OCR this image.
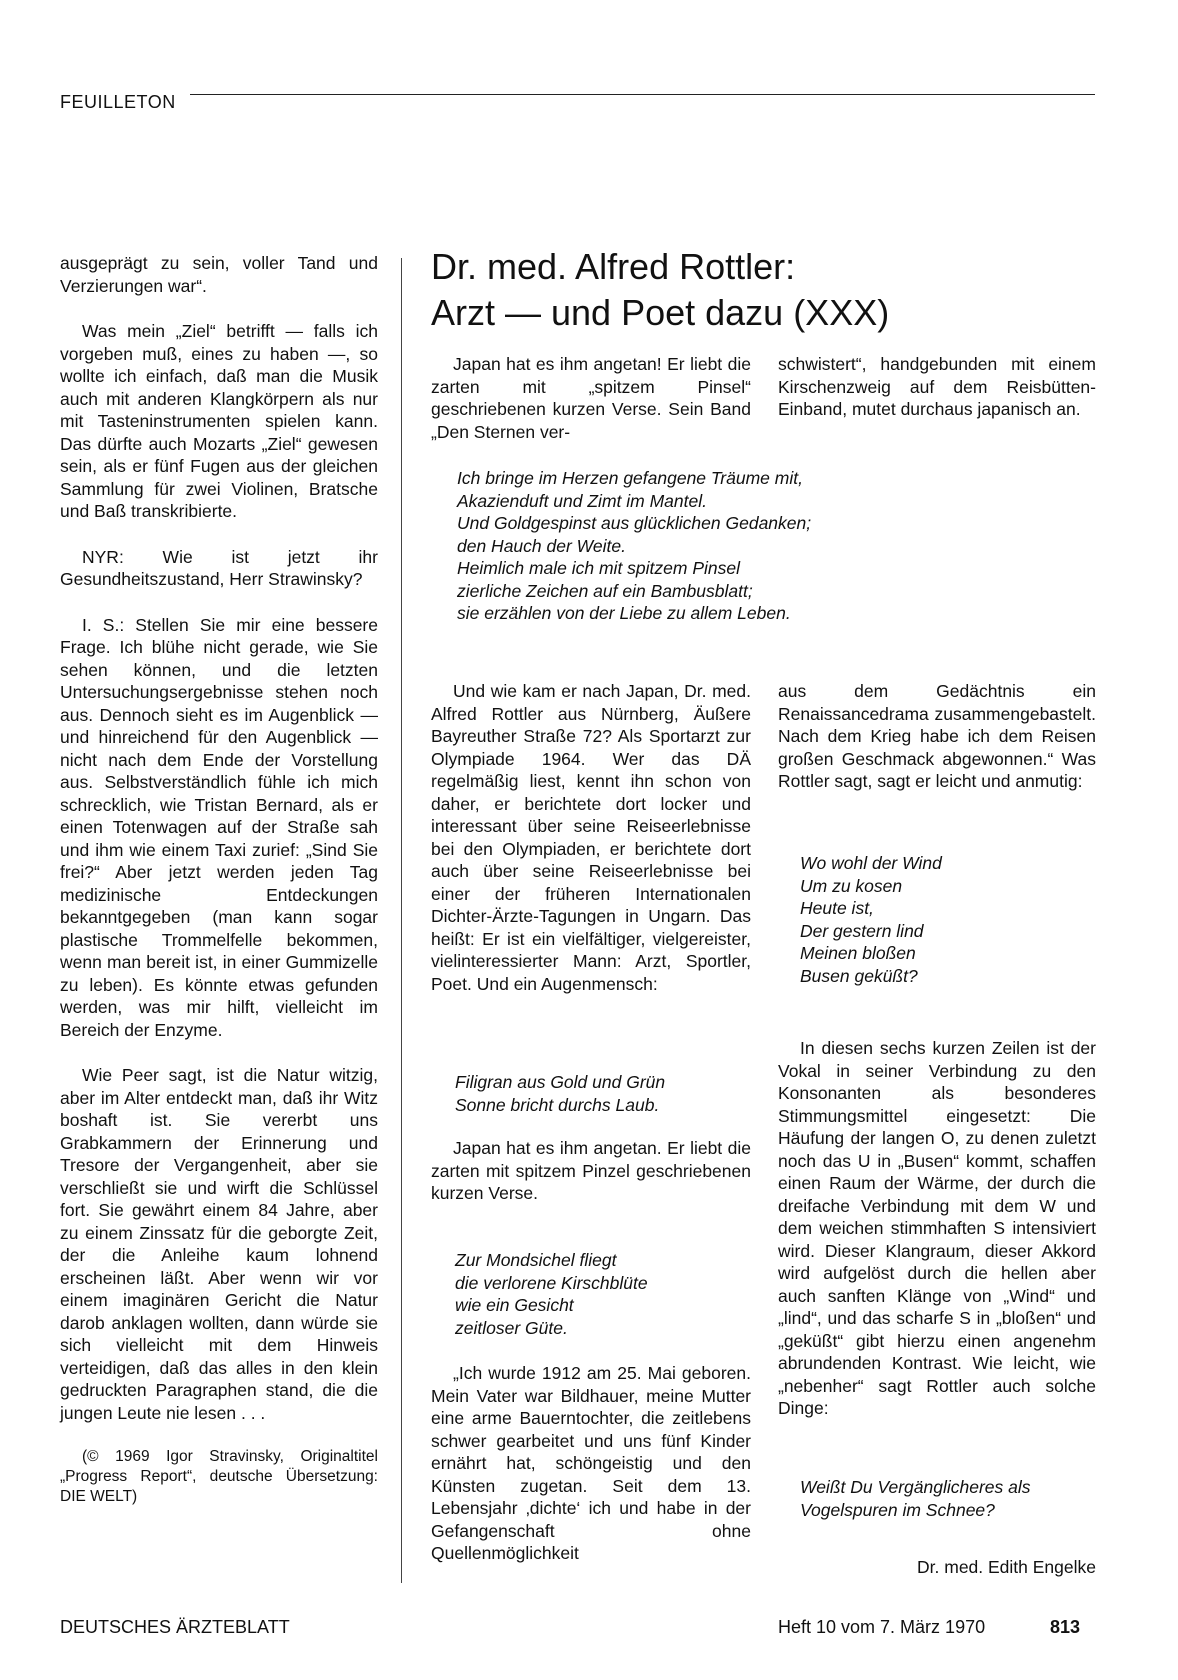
FEUILLETON

ausgeprägt zu sein, voller Tand und Verzierungen war“.

Was mein „Ziel“ betrifft — falls ich vorgeben muß, eines zu haben —, so wollte ich einfach, daß man die Musik auch mit anderen Klangkörpern als nur mit Tasteninstrumenten spielen kann. Das dürfte auch Mozarts „Ziel“ gewesen sein, als er fünf Fugen aus der gleichen Sammlung für zwei Violinen, Bratsche und Baß transkribierte.

NYR: Wie ist jetzt ihr Gesundheitszustand, Herr Strawinsky?

I. S.: Stellen Sie mir eine bessere Frage. Ich blühe nicht gerade, wie Sie sehen können, und die letzten Untersuchungsergebnisse stehen noch aus. Dennoch sieht es im Augenblick — und hinreichend für den Augenblick — nicht nach dem Ende der Vorstellung aus. Selbstverständlich fühle ich mich schrecklich, wie Tristan Bernard, als er einen Totenwagen auf der Straße sah und ihm wie einem Taxi zurief: „Sind Sie frei?“ Aber jetzt werden jeden Tag medizinische Entdeckungen bekanntgegeben (man kann sogar plastische Trommelfelle bekommen, wenn man bereit ist, in einer Gummizelle zu leben). Es könnte etwas gefunden werden, was mir hilft, vielleicht im Bereich der Enzyme.

Wie Peer sagt, ist die Natur witzig, aber im Alter entdeckt man, daß ihr Witz boshaft ist. Sie vererbt uns Grabkammern der Erinnerung und Tresore der Vergangenheit, aber sie verschließt sie und wirft die Schlüssel fort. Sie gewährt einem 84 Jahre, aber zu einem Zinssatz für die geborgte Zeit, der die Anleihe kaum lohnend erscheinen läßt. Aber wenn wir vor einem imaginären Gericht die Natur darob anklagen wollten, dann würde sie sich vielleicht mit dem Hinweis verteidigen, daß das alles in den klein gedruckten Paragraphen stand, die die jungen Leute nie lesen . . .

(© 1969 Igor Stravinsky, Originaltitel „Progress Report“, deutsche Übersetzung: DIE WELT)

Dr. med. Alfred Rottler:
Arzt — und Poet dazu (XXX)

Japan hat es ihm angetan! Er liebt die zarten mit „spitzem Pinsel“ geschriebenen kurzen Verse. Sein Band „Den Sternen ver-

schwistert“, handgebunden mit einem Kirschenzweig auf dem Reisbütten-Einband, mutet durchaus japanisch an.

Ich bringe im Herzen gefangene Träume mit,
Akazienduft und Zimt im Mantel.
Und Goldgespinst aus glücklichen Gedanken;
den Hauch der Weite.
Heimlich male ich mit spitzem Pinsel
zierliche Zeichen auf ein Bambusblatt;
sie erzählen von der Liebe zu allem Leben.

Und wie kam er nach Japan, Dr. med. Alfred Rottler aus Nürnberg, Äußere Bayreuther Straße 72? Als Sportarzt zur Olympiade 1964. Wer das DÄ regelmäßig liest, kennt ihn schon von daher, er berichtete dort locker und interessant über seine Reiseerlebnisse bei den Olympiaden, er berichtete dort auch über seine Reiseerlebnisse bei einer der früheren Internationalen Dichter-Ärzte-Tagungen in Ungarn. Das heißt: Er ist ein vielfältiger, vielgereister, vielinteressierter Mann: Arzt, Sportler, Poet. Und ein Augenmensch:

Filigran aus Gold und Grün
Sonne bricht durchs Laub.

Japan hat es ihm angetan. Er liebt die zarten mit spitzem Pinzel geschriebenen kurzen Verse.

Zur Mondsichel fliegt
die verlorene Kirschblüte
wie ein Gesicht
zeitloser Güte.

„Ich wurde 1912 am 25. Mai geboren. Mein Vater war Bildhauer, meine Mutter eine arme Bauerntochter, die zeitlebens schwer gearbeitet und uns fünf Kinder ernährt hat, schöngeistig und den Künsten zugetan. Seit dem 13. Lebensjahr ‚dichte‘ ich und habe in der Gefangenschaft ohne Quellenmöglichkeit

aus dem Gedächtnis ein Renaissancedrama zusammengebastelt. Nach dem Krieg habe ich dem Reisen großen Geschmack abgewonnen.“ Was Rottler sagt, sagt er leicht und anmutig:

Wo wohl der Wind
Um zu kosen
Heute ist,
Der gestern lind
Meinen bloßen
Busen geküßt?

In diesen sechs kurzen Zeilen ist der Vokal in seiner Verbindung zu den Konsonanten als besonderes Stimmungsmittel eingesetzt: Die Häufung der langen O, zu denen zuletzt noch das U in „Busen“ kommt, schaffen einen Raum der Wärme, der durch die dreifache Verbindung mit dem W und dem weichen stimmhaften S intensiviert wird. Dieser Klangraum, dieser Akkord wird aufgelöst durch die hellen aber auch sanften Klänge von „Wind“ und „lind“, und das scharfe S in „bloßen“ und „geküßt“ gibt hierzu einen angenehm abrundenden Kontrast. Wie leicht, wie „nebenher“ sagt Rottler auch solche Dinge:

Weißt Du Vergänglicheres als
Vogelspuren im Schnee?
Dr. med. Edith Engelke
DEUTSCHES ÄRZTEBLATT	Heft 10 vom 7. März 1970	813
